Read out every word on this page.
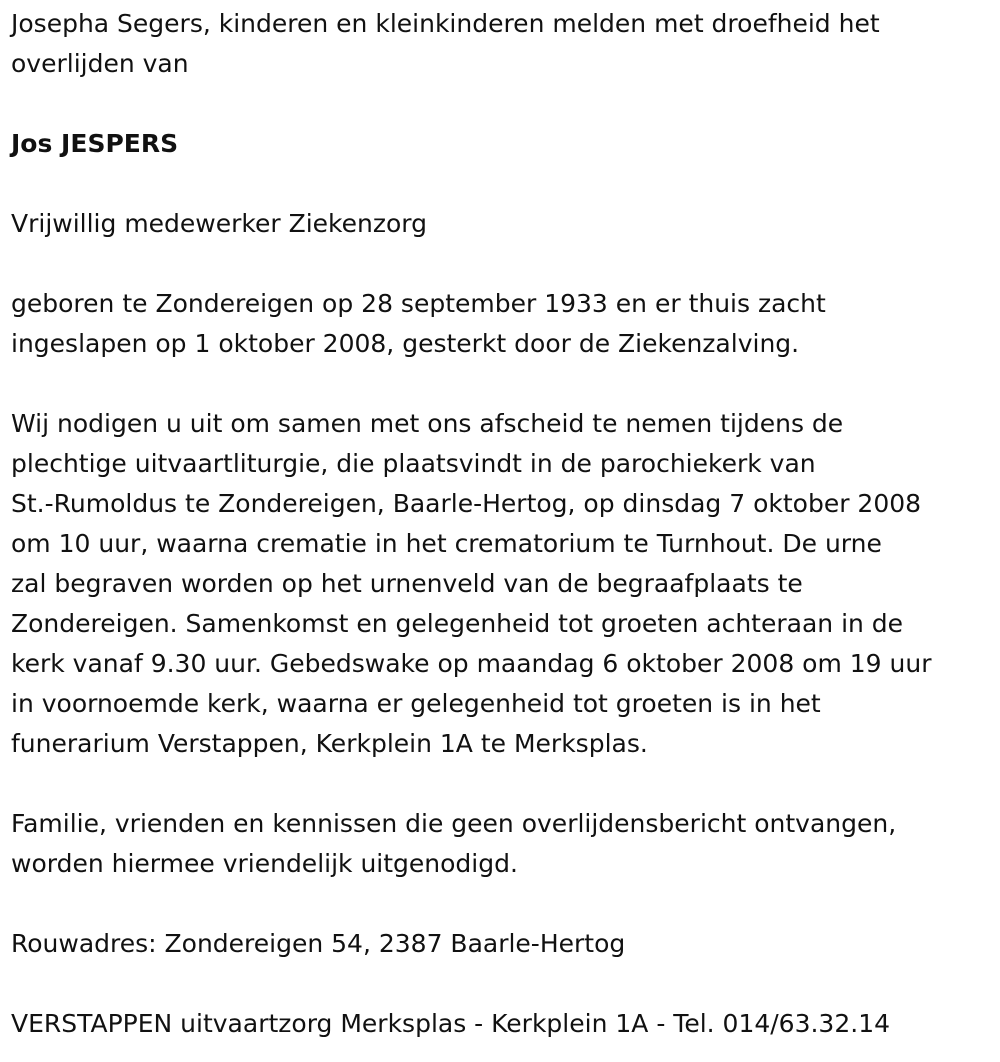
Josepha Segers, kinderen en kleinkinderen melden met droefheid het
overlijden van

Jos JESPERS

Vrijwillig medewerker Ziekenzorg

geboren te Zondereigen op 28 september 1933 en er thuis zacht
ingeslapen op 1 oktober 2008, gesterkt door de Ziekenzalving.

Wij nodigen u uit om samen met ons afscheid te nemen tijdens de
plechtige uitvaartliturgie, die plaatsvindt in de parochiekerk van
St.-Rumoldus te Zondereigen, Baarle-Hertog, op dinsdag 7 oktober 2008
om 10 uur, waarna crematie in het crematorium te Turnhout. De urne
zal begraven worden op het urnenveld van de begraafplaats te
Zondereigen. Samenkomst en gelegenheid tot groeten achteraan in de
kerk vanaf 9.30 uur. Gebedswake op maandag 6 oktober 2008 om 19 uur
in voornoemde kerk, waarna er gelegenheid tot groeten is in het
funerarium Verstappen, Kerkplein 1A te Merksplas.

Familie, vrienden en kennissen die geen overlijdensbericht ontvangen,
worden hiermee vriendelijk uitgenodigd.

Rouwadres: Zondereigen 54, 2387 Baarle-Hertog

VERSTAPPEN uitvaartzorg Merksplas - Kerkplein 1A - Tel. 014/63.32.14
